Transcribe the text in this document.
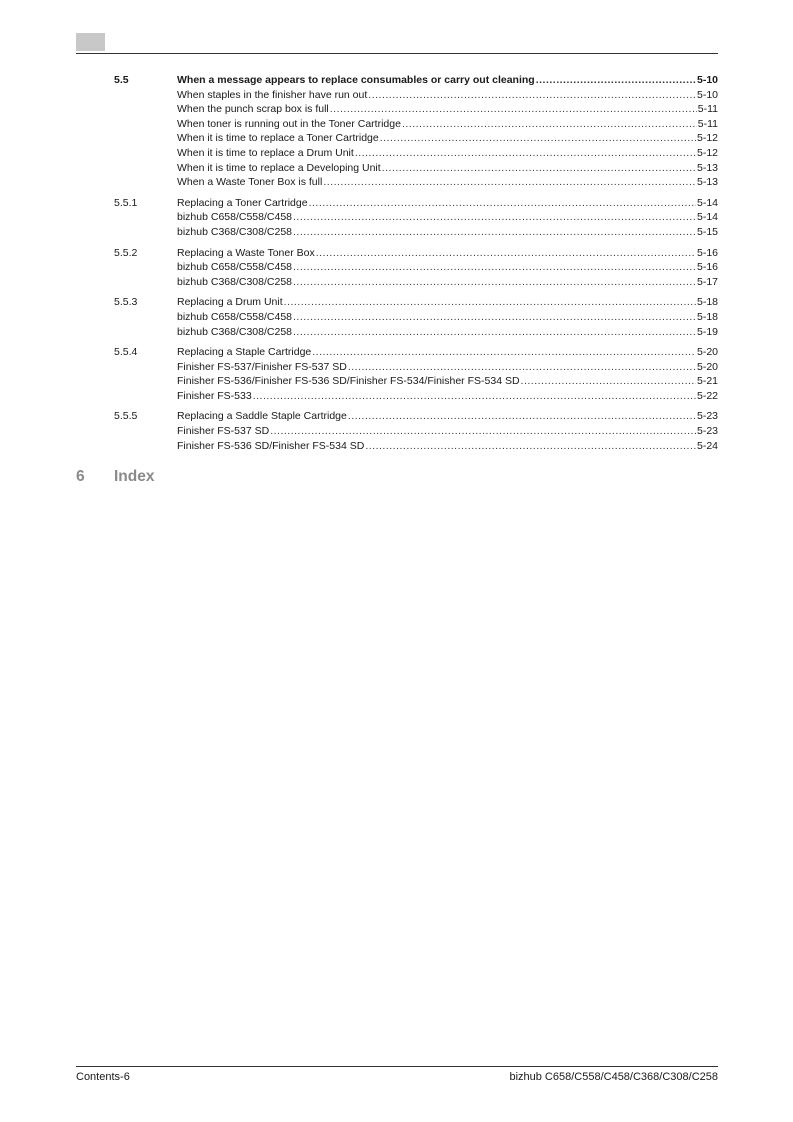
5.5	When a message appears to replace consumables or carry out cleaning .....	5-10
When staples in the finisher have run out .....	5-10
When the punch scrap box is full .....	5-11
When toner is running out in the Toner Cartridge .....	5-11
When it is time to replace a Toner Cartridge .....	5-12
When it is time to replace a Drum Unit .....	5-12
When it is time to replace a Developing Unit .....	5-13
When a Waste Toner Box is full .....	5-13
5.5.1	Replacing a Toner Cartridge .....	5-14
bizhub C658/C558/C458 .....	5-14
bizhub C368/C308/C258 .....	5-15
5.5.2	Replacing a Waste Toner Box .....	5-16
bizhub C658/C558/C458 .....	5-16
bizhub C368/C308/C258 .....	5-17
5.5.3	Replacing a Drum Unit .....	5-18
bizhub C658/C558/C458 .....	5-18
bizhub C368/C308/C258 .....	5-19
5.5.4	Replacing a Staple Cartridge .....	5-20
Finisher FS-537/Finisher FS-537 SD .....	5-20
Finisher FS-536/Finisher FS-536 SD/Finisher FS-534/Finisher FS-534 SD .....	5-21
Finisher FS-533 .....	5-22
5.5.5	Replacing a Saddle Staple Cartridge .....	5-23
Finisher FS-537 SD .....	5-23
Finisher FS-536 SD/Finisher FS-534 SD .....	5-24
6	Index
Contents-6	bizhub C658/C558/C458/C368/C308/C258
